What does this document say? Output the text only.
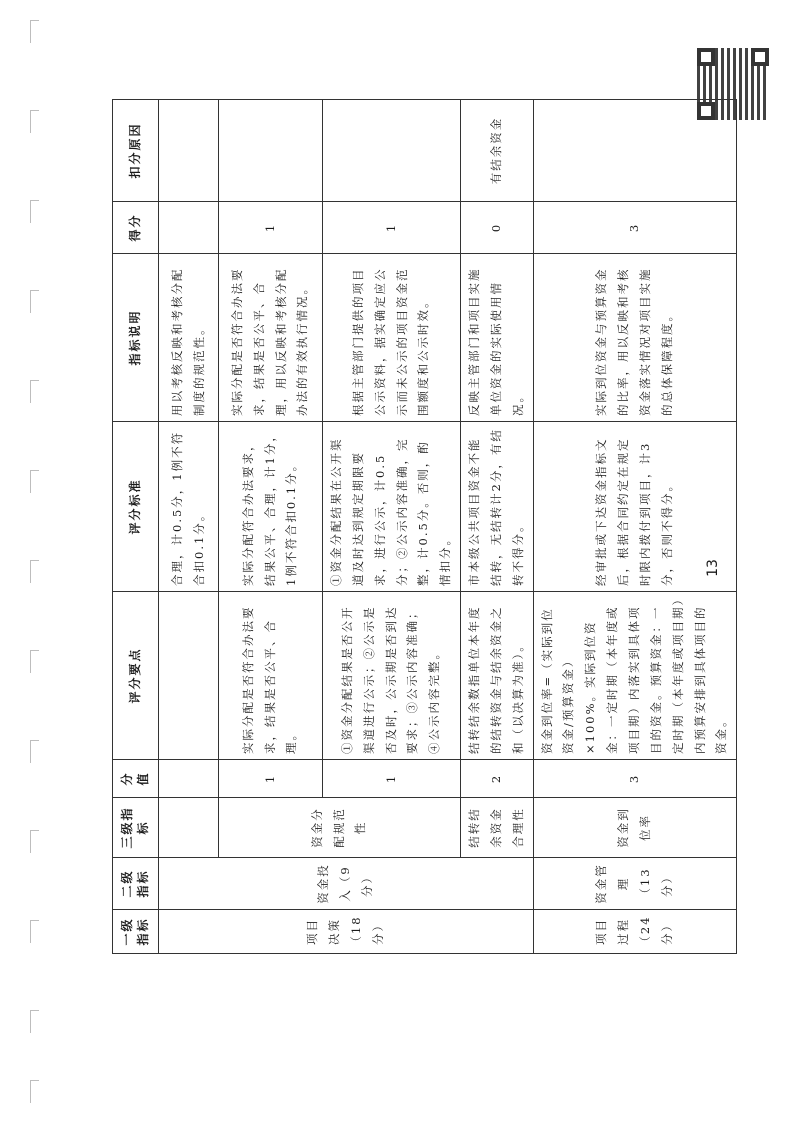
一级指标	二级指标	三级指标	分值	评分要点	评分标准	指标说明	得分	扣分原因
项目决策（18分）	资金投入（9分）				合理，计0.5分，1例不符合扣0.1分。	用以考核反映和考核分配制度的规范性。		
		资金分配规范性	1	实际分配是否符合办法要求，结果是否公平、合理。	实际分配符合办法要求，结果公平、合理，计1分，1例不符合扣0.1分。	实际分配是否符合办法要求，结果是否公平、合理，用以反映和考核分配办法的有效执行情况。	1	
			1	①资金分配结果是否公开渠道进行公示；②公示是否及时，公示期是否到达要求；③公示内容准确；④公示内容完整。	①资金分配结果在公开渠道及时达到规定期限要求，进行公示，计0.5分；②公示内容准确，完整，计0.5分。否则，酌情扣分。	根据主管部门提供的项目公示资料，据实确定应公示而未公示的项目资金范围额度和公示时效。	1	
		结转结余资金合理性	2	结转结余数指单位本年度的结转资金与结余资金之和（以决算为准）。	市本级公共项目资金不能结转，无结转计2分，有结转不得分。	反映主管部门和项目实施单位资金的实际使用情况。	0	有结余资金
项目过程（24分）	资金管理（13分）	资金到位率	3	资金到位率=（实际到位资金/预算资金）×100%。实际到位资金：一定时期（本年度或项目期）内落实到具体项目的资金。预算资金：一定时期（本年度或项目期）内预算安排到具体项目的资金。	经审批或下达资金指标文后，根据合同约定在规定时限内拨付到项目，计3分，否则不得分。	实际到位资金与预算资金的比率，用以反映和考核资金落实情况对项目实施的总体保障程度。	3	
13
